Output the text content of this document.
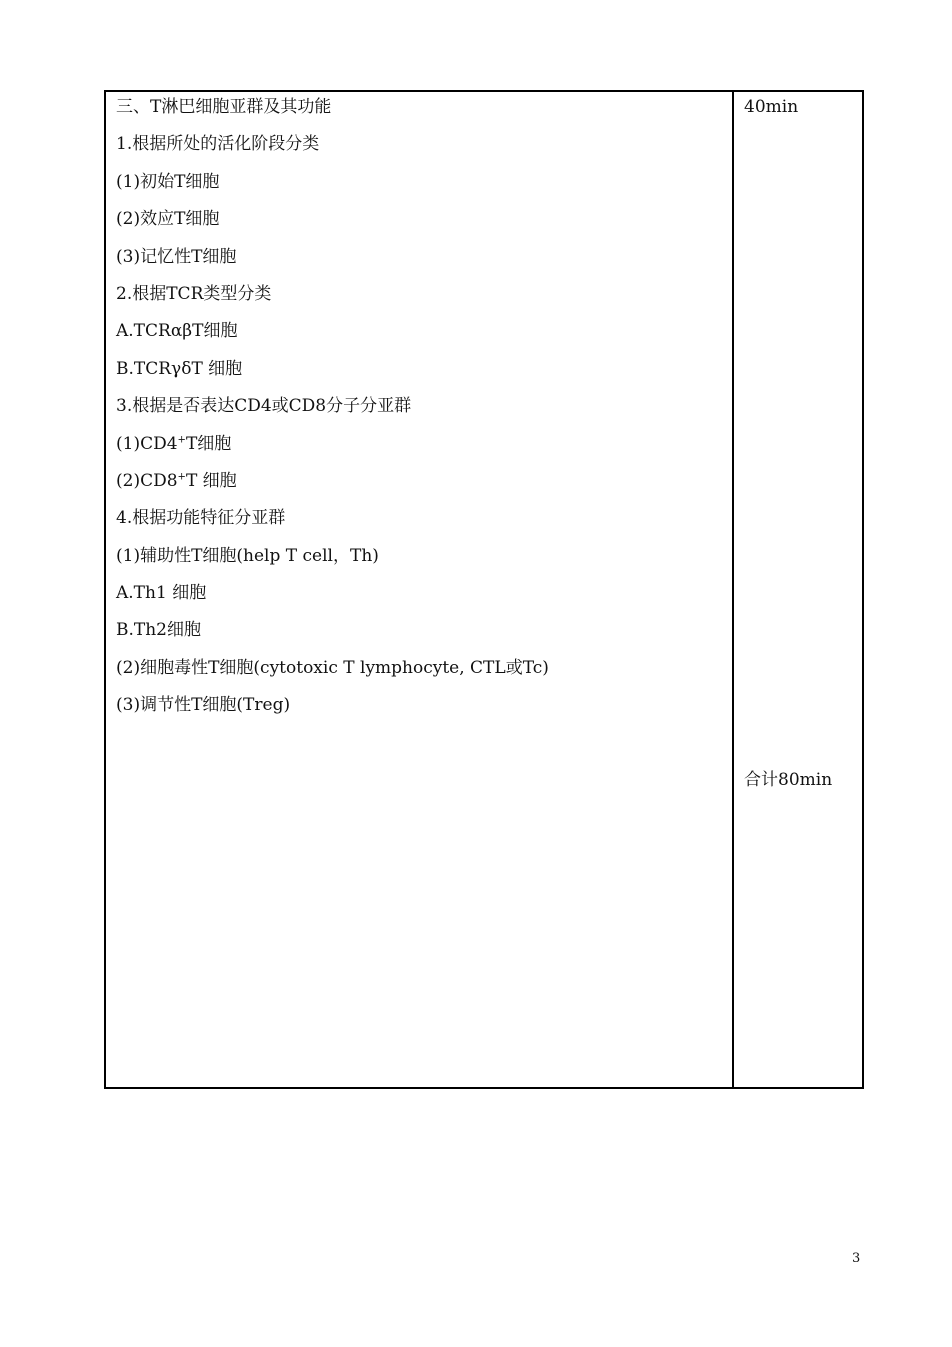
三、T淋巴细胞亚群及其功能
1.根据所处的活化阶段分类
(1)初始T细胞
(2)效应T细胞
(3)记忆性T细胞
2.根据TCR类型分类
A.TCRαβT细胞
B.TCRγδT 细胞
3.根据是否表达CD4或CD8分子分亚群
(1)CD4+T细胞
(2)CD8+T 细胞
4.根据功能特征分亚群
(1)辅助性T细胞(help T cell，Th)
A.Th1 细胞
B.Th2细胞
(2)细胞毒性T细胞(cytotoxic T lymphocyte, CTL或Tc)
(3)调节性T细胞(Treg)
40min
合计80min
3
